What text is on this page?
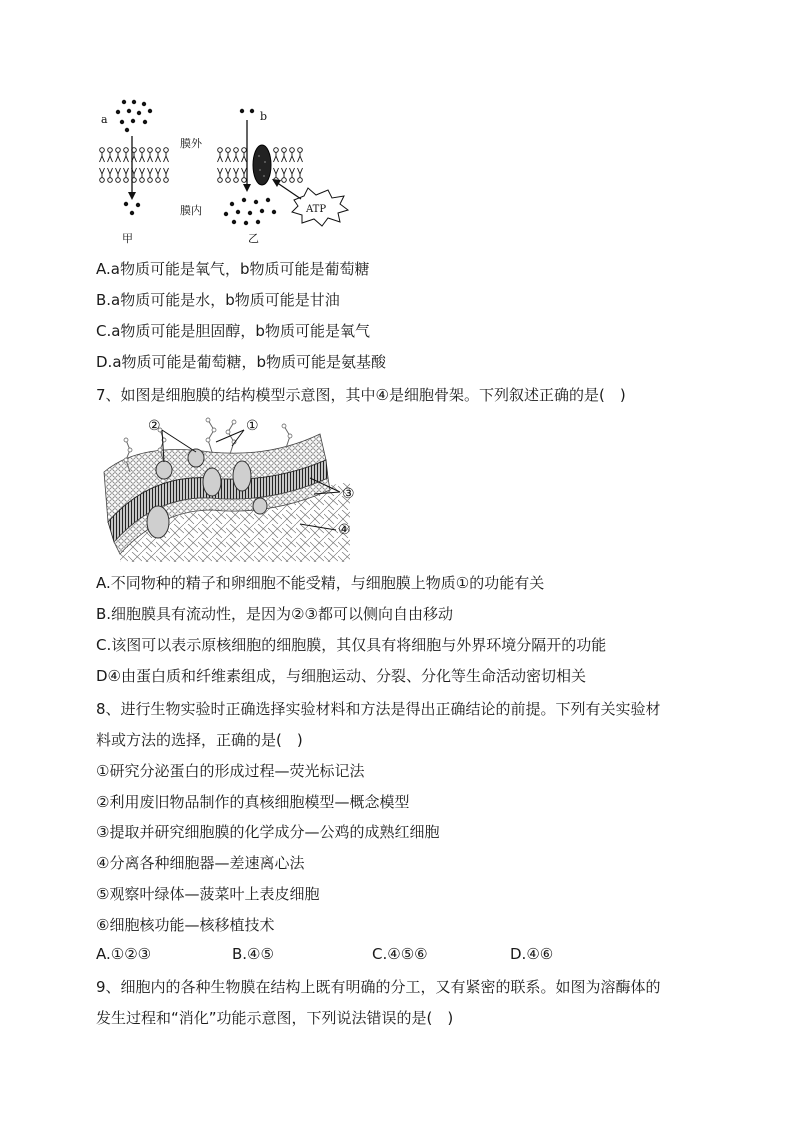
a
膜外
膜内
b
ATP
甲	乙
A.a物质可能是氧气，b物质可能是葡萄糖
B.a物质可能是水，b物质可能是甘油
C.a物质可能是胆固醇，b物质可能是氧气
D.a物质可能是葡萄糖，b物质可能是氨基酸
7、如图是细胞膜的结构模型示意图，其中④是细胞骨架。下列叙述正确的是(　)
②	①
③
④
A.不同物种的精子和卵细胞不能受精，与细胞膜上物质①的功能有关
B.细胞膜具有流动性，是因为②③都可以侧向自由移动
C.该图可以表示原核细胞的细胞膜，其仅具有将细胞与外界环境分隔开的功能
D④由蛋白质和纤维素组成，与细胞运动、分裂、分化等生命活动密切相关
8、进行生物实验时正确选择实验材料和方法是得出正确结论的前提。下列有关实验材
料或方法的选择，正确的是(　)
①研究分泌蛋白的形成过程—荧光标记法
②利用废旧物品制作的真核细胞模型—概念模型
③提取并研究细胞膜的化学成分—公鸡的成熟红细胞
④分离各种细胞器—差速离心法
⑤观察叶绿体—菠菜叶上表皮细胞
⑥细胞核功能—核移植技术
A.①②③	B.④⑤	C.④⑤⑥	D.④⑥
9、细胞内的各种生物膜在结构上既有明确的分工，又有紧密的联系。如图为溶酶体的
发生过程和“消化”功能示意图，下列说法错误的是(　)
